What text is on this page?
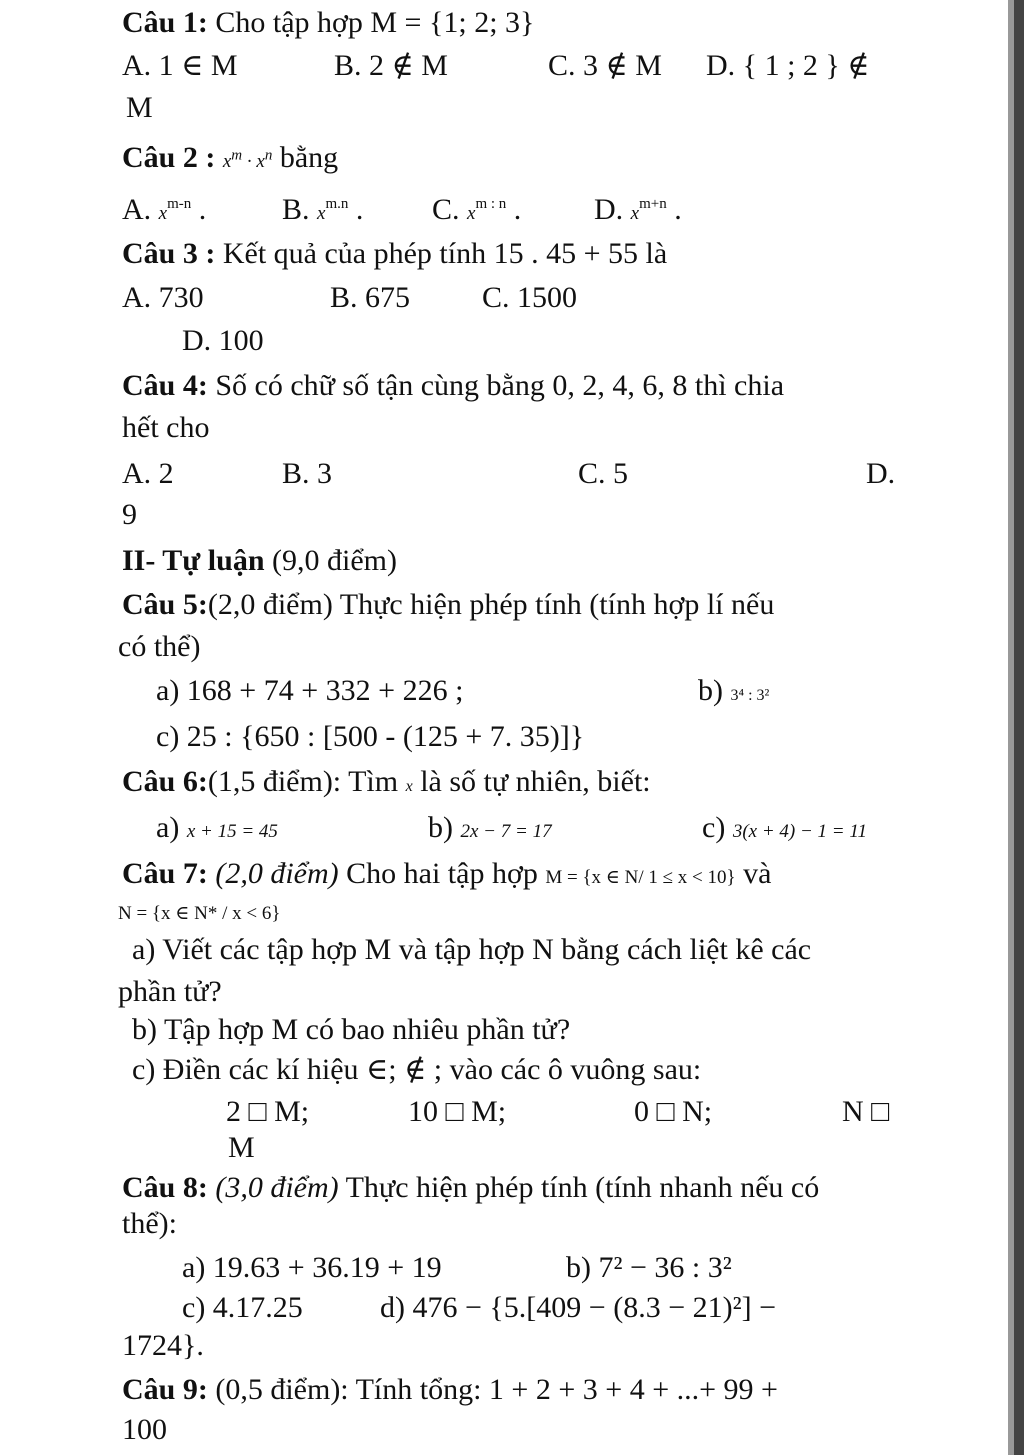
Câu 1: Cho tập hợp M = {1; 2; 3}
A. 1 ∈ M	B. 2 ∉ M	C. 3 ∉ M D. { 1 ; 2 } ∉
M
Câu 2 : $x^m \cdot x^n$ bằng
A. $x^{m-n}$ .	B. $x^{m.n}$ . C. $x^{m : n}$ . D. $x^{m+n}$ .
Câu 3 : Kết quả của phép tính 15 . 45 + 55 là
A. 730	B. 675 C. 1500
D. 100
Câu 4: Số có chữ số tận cùng bằng 0, 2, 4, 6, 8 thì chia
hết cho
A. 2	B. 3	C. 5	D.
9
II- Tự luận (9,0 điểm)
Câu 5:(2,0 điểm) Thực hiện phép tính (tính hợp lí nếu
có thể)
a) 168 + 74 + 332 + 226 ;	b) 3⁴ : 3²
c) 25 : {650 : [500 - (125 + 7. 35)]}
Câu 6:(1,5 điểm): Tìm x là số tự nhiên, biết:
a) x + 15 = 45	b) 2x − 7 = 17	c) 3(x + 4) − 1 = 11
Câu 7: (2,0 điểm) Cho hai tập hợp M = {x ∈ N/ 1 ≤ x < 10} và
N = {x ∈ N* / x < 6}
a) Viết các tập hợp M và tập hợp N bằng cách liệt kê các
phần tử?
b) Tập hợp M có bao nhiêu phần tử?
c) Điền các kí hiệu ∈; ∉ ; vào các ô vuông sau:
2 □ M;	10 □ M;	0 □ N;	N □
M
Câu 8: (3,0 điểm) Thực hiện phép tính (tính nhanh nếu có
thể):
a) 19.63 + 36.19 + 19	b) 7² − 36 : 3²
c) 4.17.25	d) 476 − {5.[409 − (8.3 − 21)²] −
1724}.
Câu 9: (0,5 điểm): Tính tổng: 1 + 2 + 3 + 4 + ...+ 99 +
100
